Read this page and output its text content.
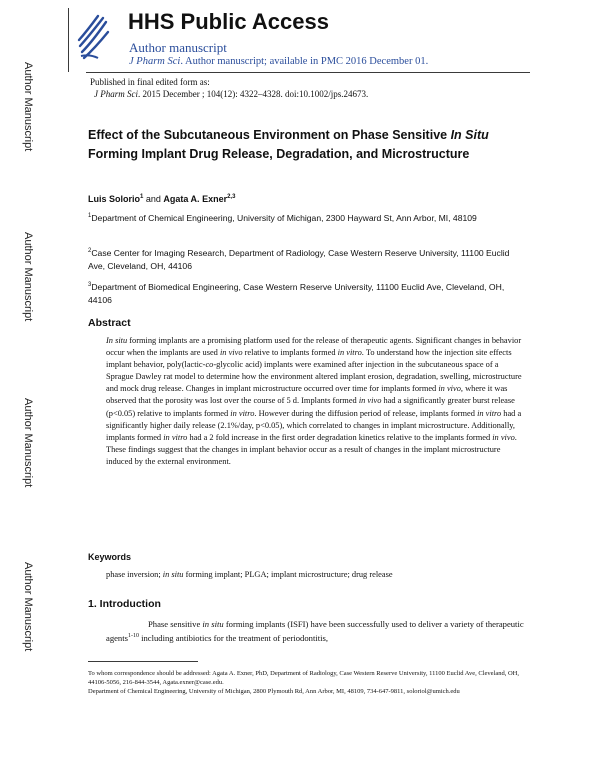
Author Manuscript
Author Manuscript
Author Manuscript
Author Manuscript
HHS Public Access
Author manuscript
J Pharm Sci. Author manuscript; available in PMC 2016 December 01.
Published in final edited form as:
J Pharm Sci. 2015 December ; 104(12): 4322–4328. doi:10.1002/jps.24673.
Effect of the Subcutaneous Environment on Phase Sensitive In Situ Forming Implant Drug Release, Degradation, and Microstructure
Luis Solorio$^1$ and Agata A. Exner$^{2,3}$
$^1$Department of Chemical Engineering, University of Michigan, 2300 Hayward St, Ann Arbor, MI, 48109
$^2$Case Center for Imaging Research, Department of Radiology, Case Western Reserve University, 11100 Euclid Ave, Cleveland, OH, 44106
$^3$Department of Biomedical Engineering, Case Western Reserve University, 11100 Euclid Ave, Cleveland, OH, 44106
Abstract
In situ forming implants are a promising platform used for the release of therapeutic agents. Significant changes in behavior occur when the implants are used in vivo relative to implants formed in vitro. To understand how the injection site effects implant behavior, poly(lactic-co-glycolic acid) implants were examined after injection in the subcutaneous space of a Sprague Dawley rat model to determine how the environment altered implant erosion, degradation, swelling, microstructure and mock drug release. Changes in implant microstructure occurred over time for implants formed in vivo, where it was observed that the porosity was lost over the course of 5 d. Implants formed in vivo had a significantly greater burst release (p<0.05) relative to implants formed in vitro. However during the diffusion period of release, implants formed in vitro had a significantly higher daily release (2.1%/day, p<0.05), which correlated to changes in implant microstructure. Additionally, implants formed in vitro had a 2 fold increase in the first order degradation kinetics relative to the implants formed in vivo. These findings suggest that the changes in implant behavior occur as a result of changes in the implant microstructure induced by the external environment.
Keywords
phase inversion; in situ forming implant; PLGA; implant microstructure; drug release
1. Introduction
Phase sensitive in situ forming implants (ISFI) have been successfully used to deliver a variety of therapeutic agents$^{1-10}$ including antibiotics for the treatment of periodontitis,
To whom correspondence should be addressed: Agata A. Exner, PhD, Department of Radiology, Case Western Reserve University, 11100 Euclid Ave, Cleveland, OH, 44106-5056, 216-844-3544, Agata.exner@case.edu.
Department of Chemical Engineering, University of Michigan, 2800 Plymouth Rd, Ann Arbor, MI, 48109, 734-647-9811, soloriol@umich.edu
